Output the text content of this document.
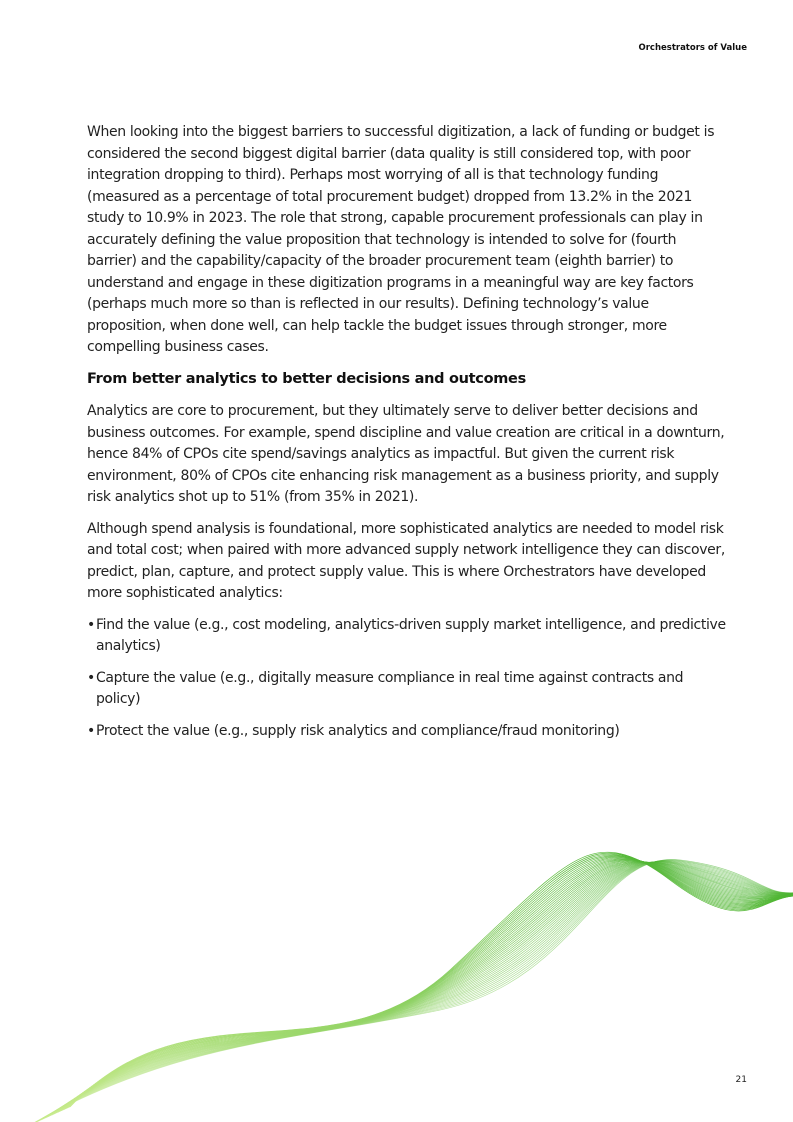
Orchestrators of Value

When looking into the biggest barriers to successful digitization, a lack of funding or budget is considered the second biggest digital barrier (data quality is still considered top, with poor integration dropping to third). Perhaps most worrying of all is that technology funding (measured as a percentage of total procurement budget) dropped from 13.2% in the 2021 study to 10.9% in 2023. The role that strong, capable procurement professionals can play in accurately defining the value proposition that technology is intended to solve for (fourth barrier) and the capability/capacity of the broader procurement team (eighth barrier) to understand and engage in these digitization programs in a meaningful way are key factors (perhaps much more so than is reflected in our results). Defining technology’s value proposition, when done well, can help tackle the budget issues through stronger, more compelling business cases.

From better analytics to better decisions and outcomes

Analytics are core to procurement, but they ultimately serve to deliver better decisions and business outcomes. For example, spend discipline and value creation are critical in a downturn, hence 84% of CPOs cite spend/savings analytics as impactful. But given the current risk environment, 80% of CPOs cite enhancing risk management as a business priority, and supply risk analytics shot up to 51% (from 35% in 2021).

Although spend analysis is foundational, more sophisticated analytics are needed to model risk and total cost; when paired with more advanced supply network intelligence they can discover, predict, plan, capture, and protect supply value. This is where Orchestrators have developed more sophisticated analytics:

• Find the value (e.g., cost modeling, analytics-driven supply market intelligence, and predictive analytics)
• Capture the value (e.g., digitally measure compliance in real time against contracts and policy)
• Protect the value (e.g., supply risk analytics and compliance/fraud monitoring)
21
